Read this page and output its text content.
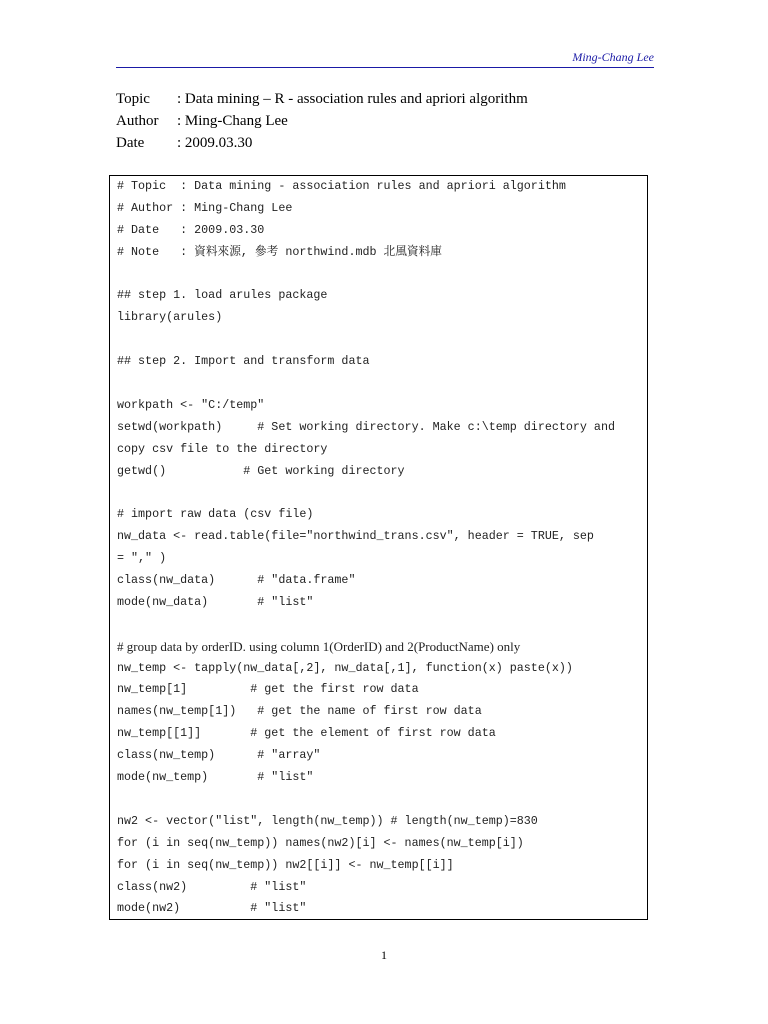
Ming-Chang Lee
Topic : Data mining – R - association rules and apriori algorithm
Author : Ming-Chang Lee
Date : 2009.03.30
# Topic  : Data mining - association rules and apriori algorithm
# Author : Ming-Chang Lee
# Date   : 2009.03.30
# Note   : 資料來源, 參考 northwind.mdb 北風資料庫
## step 1. load arules package
library(arules)
## step 2. Import and transform data
workpath <- "C:/temp"
setwd(workpath)     # Set working directory. Make c:\temp directory and
copy csv file to the directory
getwd()           # Get working directory
# import raw data (csv file)
nw_data <- read.table(file="northwind_trans.csv", header = TRUE, sep
= "," )
class(nw_data)      # "data.frame"
mode(nw_data)       # "list"
# group data by orderID. using column 1(OrderID) and 2(ProductName) only
nw_temp <- tapply(nw_data[,2], nw_data[,1], function(x) paste(x))
nw_temp[1]         # get the first row data
names(nw_temp[1])   # get the name of first row data
nw_temp[[1]]       # get the element of first row data
class(nw_temp)      # "array"
mode(nw_temp)       # "list"
nw2 <- vector("list", length(nw_temp)) # length(nw_temp)=830
for (i in seq(nw_temp)) names(nw2)[i] <- names(nw_temp[i])
for (i in seq(nw_temp)) nw2[[i]] <- nw_temp[[i]]
class(nw2)         # "list"
mode(nw2)          # "list"
1
